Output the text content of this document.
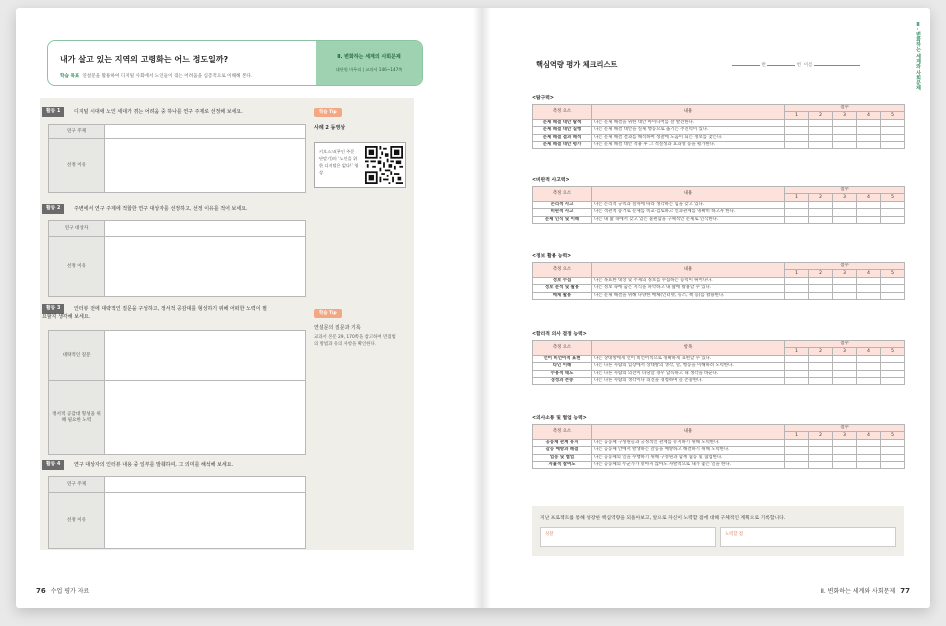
내가 살고 있는 지역의 고령화는 어느 정도일까?
학습 목표 연설문을 활용하여 디지털 사회에서 노인들이 겪는 어려움을 심층적으로 이해해 본다.
Ⅱ. 변화하는 세계의 사회문제
대단원 마무리 | 교과서 146~147쪽
활동 1	디지털 시대에 노인 세대가 겪는 어려움 중 하나를 연구 주제로 선정해 보세요.
연구 주제	
선정 이유	
활동 2	주변에서 연구 주제에 적합한 연구 대상자를 선정하고, 선정 이유를 적어 보세요.
연구 대상자	
선정 이유	
활동 3	인터뷰 전에 대략적인 질문을 구성하고, 정서적 공감대를 형성하기 위해 어떠한 노력이 필
요할지 생각해 보세요.
대략적인 질문	
정서적 공감대 형성을 위해 필요한 노력	
활동 4	연구 대상자의 인터뷰 내용 중 일부를 발췌하여, 그 의미를 해석해 보세요.
연구 주제	
선정 이유	
학습 Tip
사례 2 동영상
키오스크(무인 주문 단말기)의 ‘노인을 위한 디지털은 없다!’ 영상
학습 Tip
연설문의 질문과 기록
교과서 본문 29, 170쪽을 참고하여 면접법
의 방법과 유의 사항을 확인한다.
76 수업 평가 자료
핵심역량 평가 체크리스트	반	번 이름	Ⅱ. 변화하는 세계와 사회문제
<탐구력>
측정 요소	내용	점수				
		1	2	3	4	5
문제 해결 대안 탐색	나는 문제 해결을 위한 대안 아이디어를 잘 발견한다.					
문제 해결 대안 실행	나는 문제 해결 대안을 실제 행동으로 옮기는 추진력이 있다.					
문제 해결 결과 해석	나는 문제 해결 결과를 해석하여 성찰에 도움이 되는 정보를 찾는다.					
문제 해결 대안 평가	나는 문제 해결 대안 적용 후 그 적절성과 효과성 등을 평가한다.					
<비판적 사고력>
측정 요소	내용	점수				
		1	2	3	4	5
논리적 사고	나는 논리적 규칙과 절차에 따라 생각하는 힘을 갖고 있다.					
비판적 사고	나는 객관적 증거로 문제를 비교·검토하고 인과관계를 명확히 하고자 한다.					
문제 인식 및 이해	나는 내 삶 속에서 갖고 있는 불편함을 구체적인 문제로 인식한다.					
<정보 활용 능력>
측정 요소	내용	점수				
		1	2	3	4	5
정보 수집	나는 목표한 대상 및 주제의 정보를 수집하는 능력이 뛰어나다.					
정보 분석 및 활용	나는 정보 속에 숨은 지식을 파악하고 내 삶에 활용할 수 있다.					
매체 활용	나는 문제 해결을 위해 다양한 매체(인터넷, 뉴스, 책 등)를 활용한다.					
<합리적 의사 결정 능력>
측정 요소	항목	점수				
		1	2	3	4	5
언어 비언어적 표현	나는 상대방에게 언어 비언어적으로 정확하게 표현할 수 있다.					
타인 이해	나는 다른 사람의 입장에서 상대방의 생각, 말, 행동을 이해하려 노력한다.					
수용적 태도	나는 다른 사람의 의견이 타당할 경우 납득하고 내 생각을 바꾼다.					
경청과 존중	나는 다른 사람의 생각이나 의견을 경청하며 늘 존중한다.					
<의사소통 및 협업 능력>
측정 요소	내용	점수				
		1	2	3	4	5
공동체 관계 유지	나는 공동체 구성원들과 긍정적인 관계를 유지하기 위해 노력한다.					
갈등 예방과 해결	나는 공동체 안에서 발생하는 갈등을 예방하고 해결하기 위해 노력한다.					
업동 및 협업	나는 공동체의 일을 수행하기 위해 구성원과 함께 협동 및 협업한다.					
자율적 참여도	나는 공동체의 누군가가 맡아지 않아도 자발적으로 내가 좋은 일을 한다.					
지난 프로젝트를 통해 성장한 핵심역량을 되돌아보고, 앞으로 자신이 노력할 점에 대해 구체적인 계획으로 기록합니다.
성찰	노력할 점
Ⅱ. 변화하는 세계와 사회문제 77
